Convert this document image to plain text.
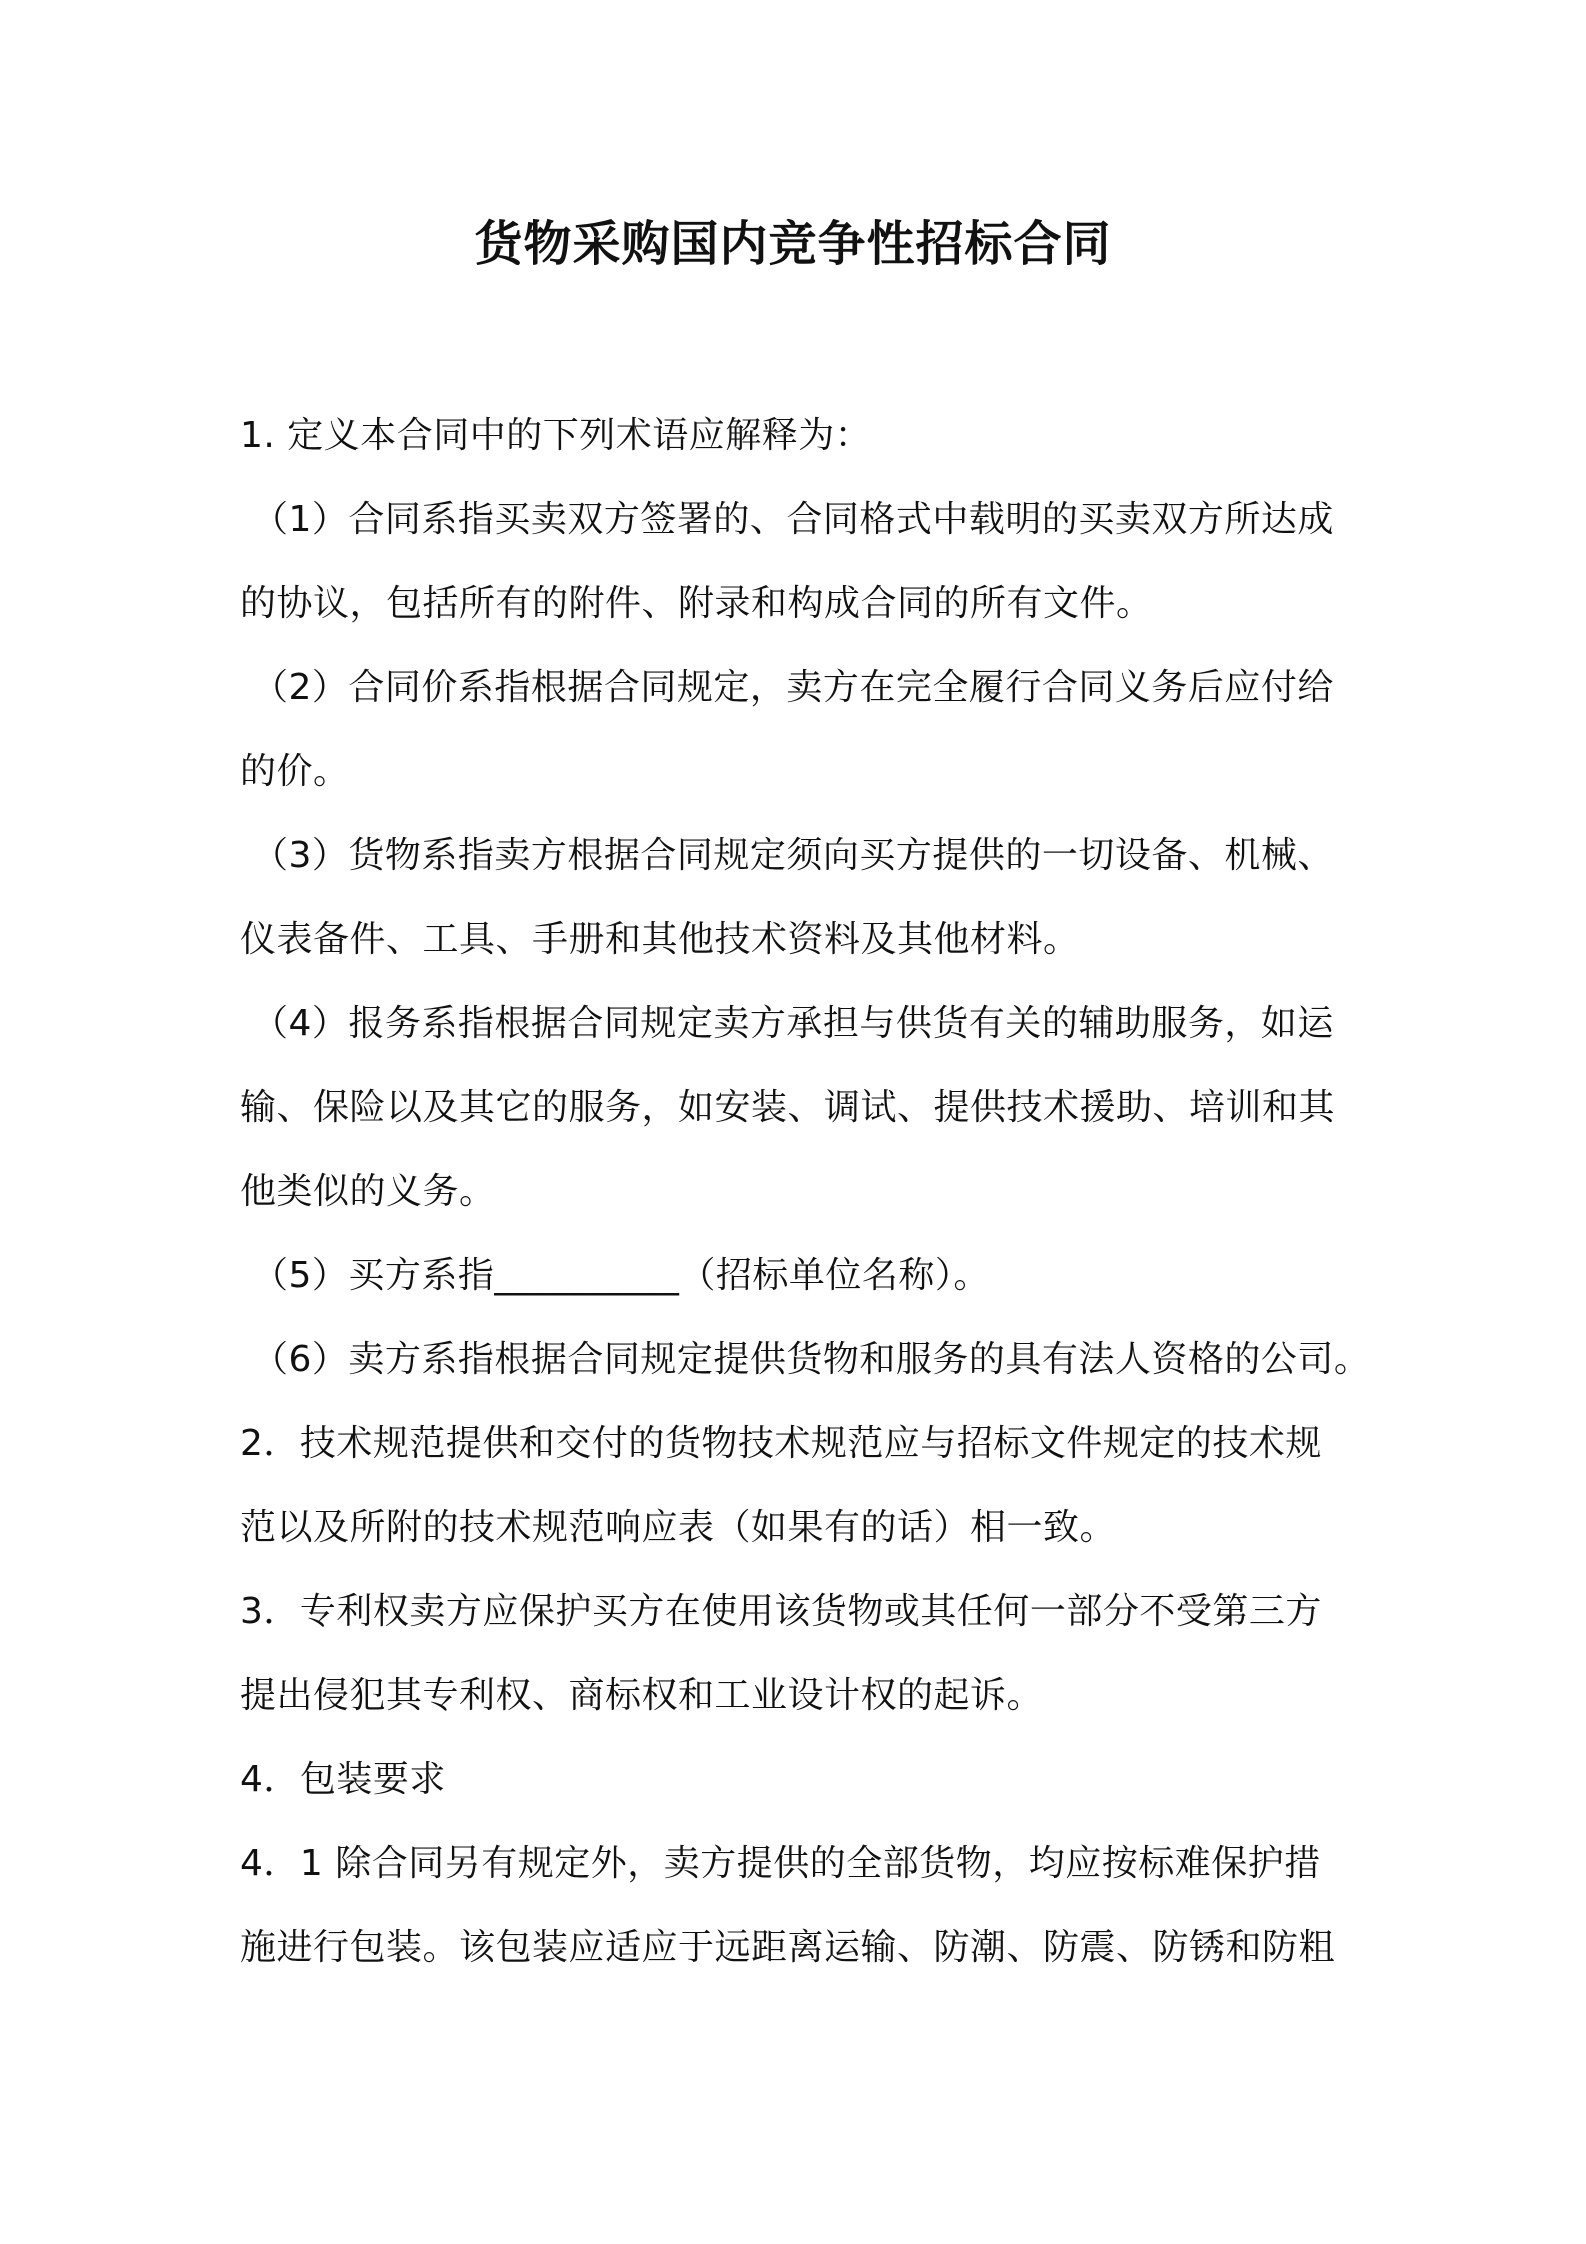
货物采购国内竞争性招标合同
1. 定义本合同中的下列术语应解释为：
（1）合同系指买卖双方签署的、合同格式中载明的买卖双方所达成
的协议，包括所有的附件、附录和构成合同的所有文件。
（2）合同价系指根据合同规定，卖方在完全履行合同义务后应付给
的价。
（3）货物系指卖方根据合同规定须向买方提供的一切设备、机械、
仪表备件、工具、手册和其他技术资料及其他材料。
（4）报务系指根据合同规定卖方承担与供货有关的辅助服务，如运
输、保险以及其它的服务，如安装、调试、提供技术援助、培训和其
他类似的义务。
（5）买方系指__________（招标单位名称）。
（6）卖方系指根据合同规定提供货物和服务的具有法人资格的公司。
2．技术规范提供和交付的货物技术规范应与招标文件规定的技术规
范以及所附的技术规范响应表（如果有的话）相一致。
3．专利权卖方应保护买方在使用该货物或其任何一部分不受第三方
提出侵犯其专利权、商标权和工业设计权的起诉。
4．包装要求
4．1 除合同另有规定外，卖方提供的全部货物，均应按标难保护措
施进行包装。该包装应适应于远距离运输、防潮、防震、防锈和防粗
